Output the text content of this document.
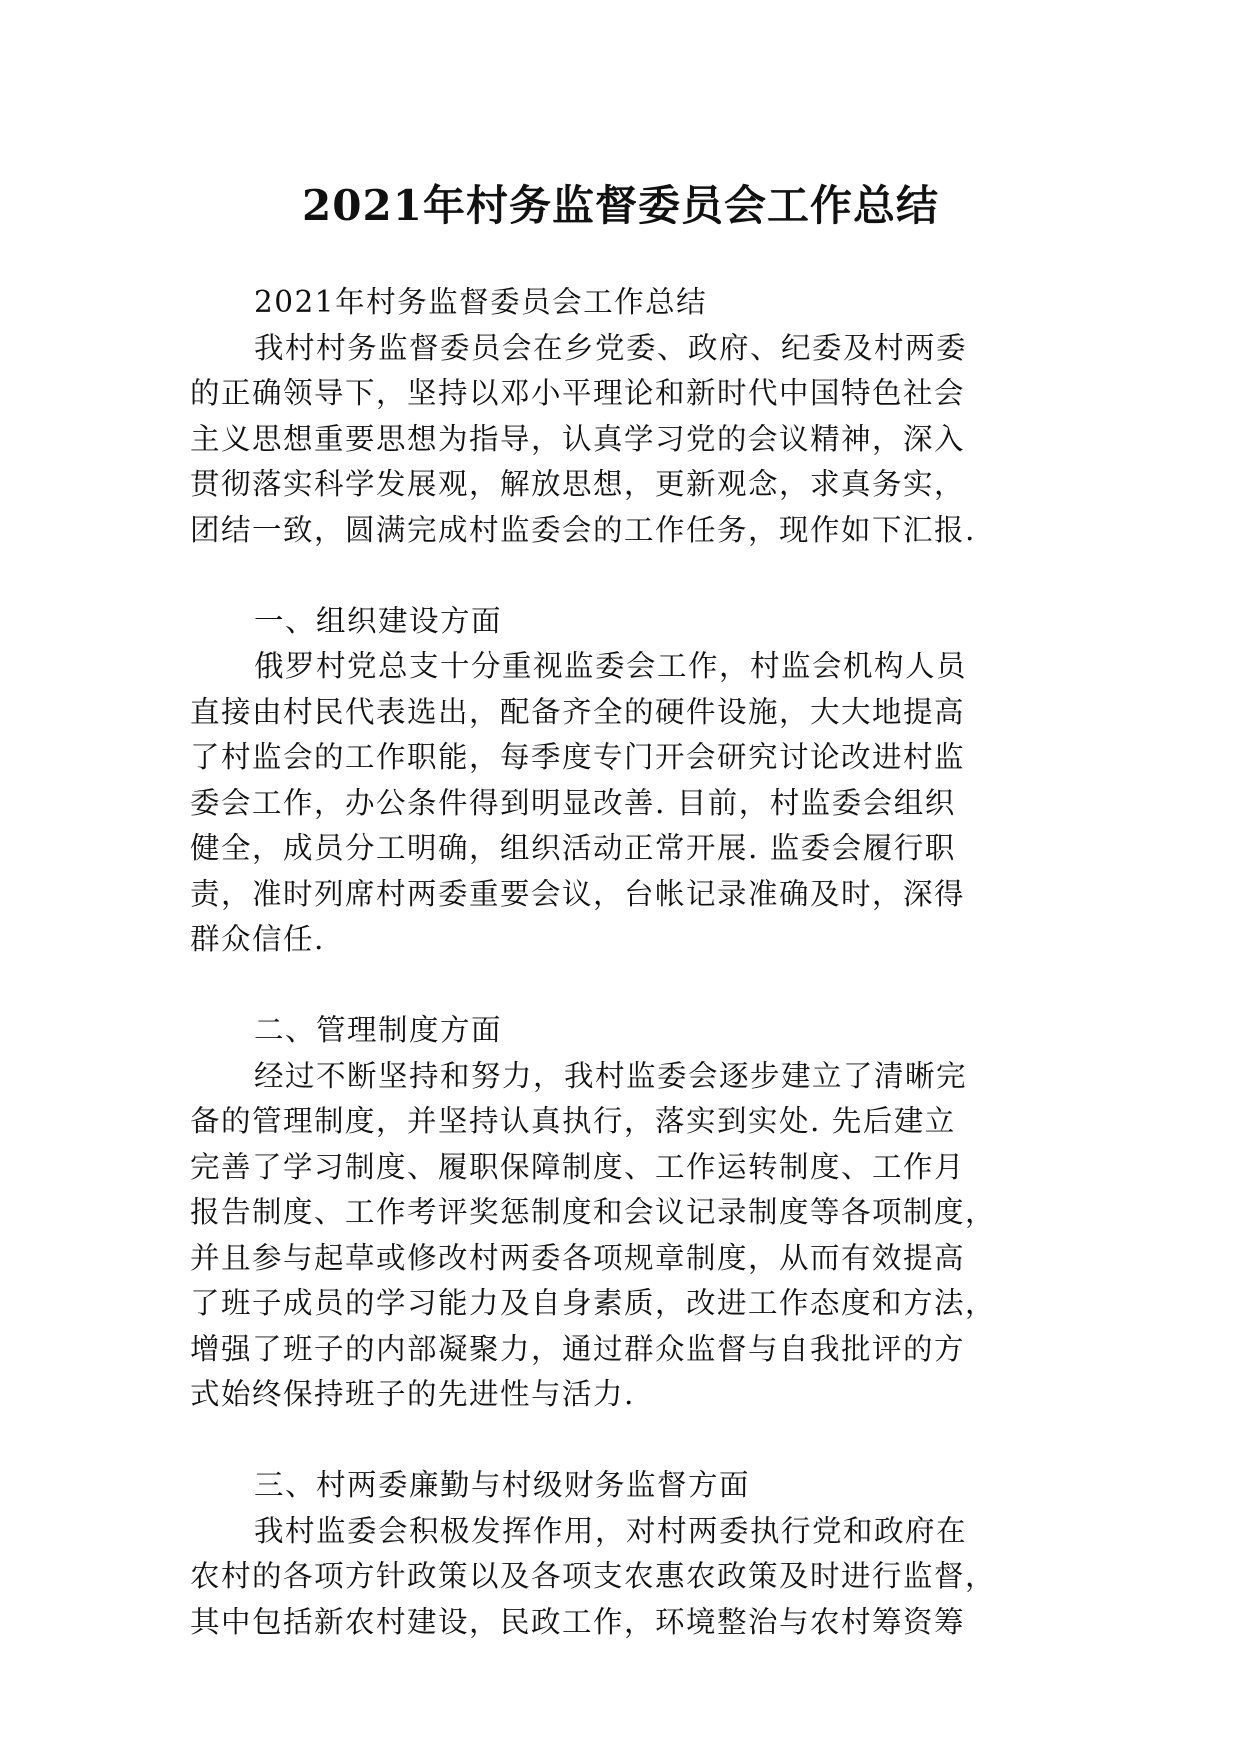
2021年村务监督委员会工作总结
2021年村务监督委员会工作总结
我村村务监督委员会在乡党委、政府、纪委及村两委
的正确领导下，坚持以邓小平理论和新时代中国特色社会
主义思想重要思想为指导，认真学习党的会议精神，深入
贯彻落实科学发展观，解放思想，更新观念，求真务实，
团结一致，圆满完成村监委会的工作任务，现作如下汇报.
一、组织建设方面
俄罗村党总支十分重视监委会工作，村监会机构人员
直接由村民代表选出，配备齐全的硬件设施，大大地提高
了村监会的工作职能，每季度专门开会研究讨论改进村监
委会工作，办公条件得到明显改善. 目前，村监委会组织
健全，成员分工明确，组织活动正常开展. 监委会履行职
责，准时列席村两委重要会议，台帐记录准确及时，深得
群众信任.
二、管理制度方面
经过不断坚持和努力，我村监委会逐步建立了清晰完
备的管理制度，并坚持认真执行，落实到实处. 先后建立
完善了学习制度、履职保障制度、工作运转制度、工作月
报告制度、工作考评奖惩制度和会议记录制度等各项制度，
并且参与起草或修改村两委各项规章制度，从而有效提高
了班子成员的学习能力及自身素质，改进工作态度和方法，
增强了班子的内部凝聚力，通过群众监督与自我批评的方
式始终保持班子的先进性与活力.
三、村两委廉勤与村级财务监督方面
我村监委会积极发挥作用，对村两委执行党和政府在
农村的各项方针政策以及各项支农惠农政策及时进行监督，
其中包括新农村建设，民政工作，环境整治与农村筹资筹
